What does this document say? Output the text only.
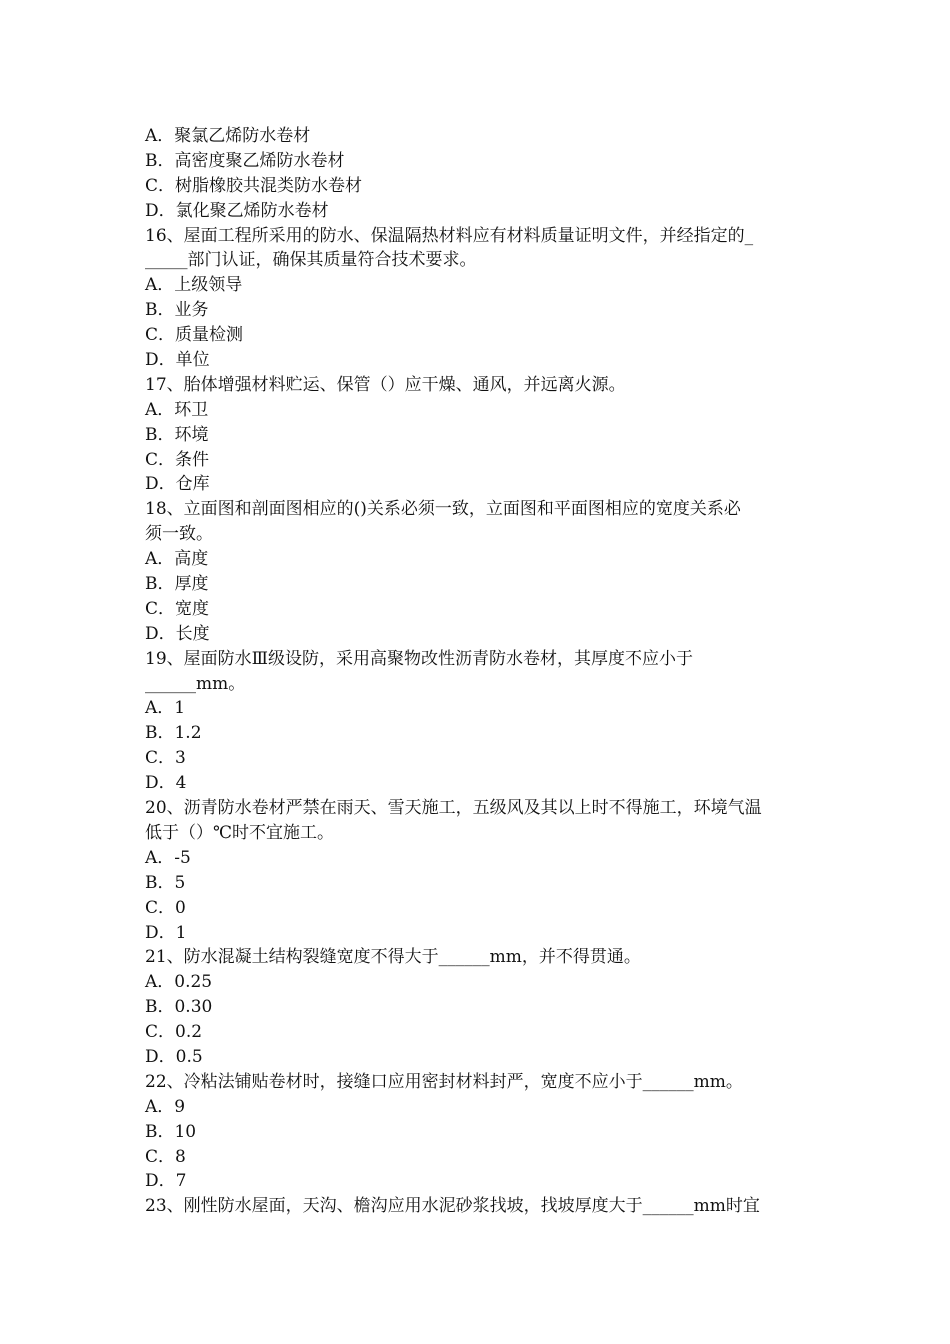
A．聚氯乙烯防水卷材
B．高密度聚乙烯防水卷材
C．树脂橡胶共混类防水卷材
D．氯化聚乙烯防水卷材
16、屋面工程所采用的防水、保温隔热材料应有材料质量证明文件，并经指定的_
_____部门认证，确保其质量符合技术要求。
A．上级领导
B．业务
C．质量检测
D．单位
17、胎体增强材料贮运、保管（）应干燥、通风，并远离火源。
A．环卫
B．环境
C．条件
D．仓库
18、立面图和剖面图相应的()关系必须一致，立面图和平面图相应的宽度关系必
须一致。
A．高度
B．厚度
C．宽度
D．长度
19、屋面防水Ⅲ级设防，采用高聚物改性沥青防水卷材，其厚度不应小于
______mm。
A．1
B．1.2
C．3
D．4
20、沥青防水卷材严禁在雨天、雪天施工，五级风及其以上时不得施工，环境气温
低于（）℃时不宜施工。
A．-5
B．5
C．0
D．1
21、防水混凝土结构裂缝宽度不得大于______mm，并不得贯通。
A．0.25
B．0.30
C．0.2
D．0.5
22、冷粘法铺贴卷材时，接缝口应用密封材料封严，宽度不应小于______mm。
A．9
B．10
C．8
D．7
23、刚性防水屋面，天沟、檐沟应用水泥砂浆找坡，找坡厚度大于______mm时宜
